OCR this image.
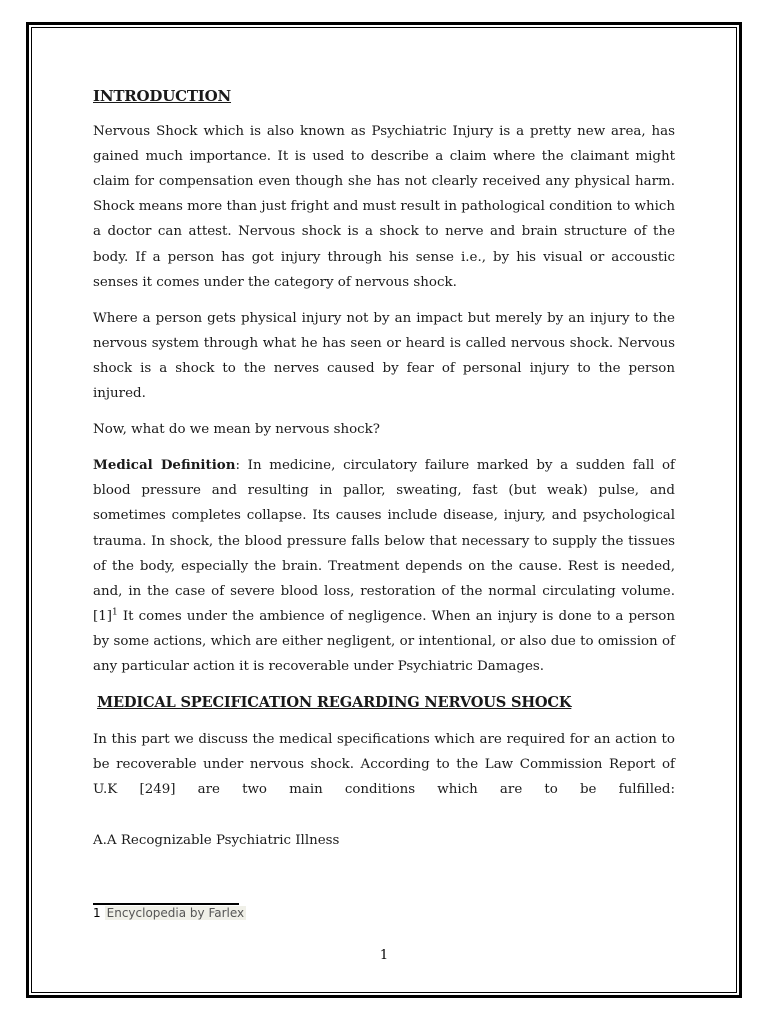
INTRODUCTION

Nervous Shock which is also known as Psychiatric Injury is a pretty new area, has gained much importance. It is used to describe a claim where the claimant might claim for compensation even though she has not clearly received any physical harm. Shock means more than just fright and must result in pathological condition to which a doctor can attest. Nervous shock is a shock to nerve and brain structure of the body. If a person has got injury through his sense i.e., by his visual or accoustic senses it comes under the category of nervous shock.

Where a person gets physical injury not by an impact but merely by an injury to the nervous system through what he has seen or heard is called nervous shock. Nervous shock is a shock to the nerves caused by fear of personal injury to the person injured.

Now, what do we mean by nervous shock?

Medical Definition: In medicine, circulatory failure marked by a sudden fall of blood pressure and resulting in pallor, sweating, fast (but weak) pulse, and sometimes completes collapse. Its causes include disease, injury, and psychological trauma. In shock, the blood pressure falls below that necessary to supply the tissues of the body, especially the brain. Treatment depends on the cause. Rest is needed, and, in the case of severe blood loss, restoration of the normal circulating $volume.[1]^1$ It comes under the ambience of negligence. When an injury is done to a person by some actions, which are either negligent, or intentional, or also due to omission of any particular action it is recoverable under Psychiatric Damages.

MEDICAL SPECIFICATION REGARDING NERVOUS SHOCK

In this part we discuss the medical specifications which are required for an action to be recoverable under nervous shock. According to the Law Commission Report of U.K [249] are two main conditions which are to be fulfilled:

A.A Recognizable Psychiatric Illness
1 Encyclopedia by Farlex
1
